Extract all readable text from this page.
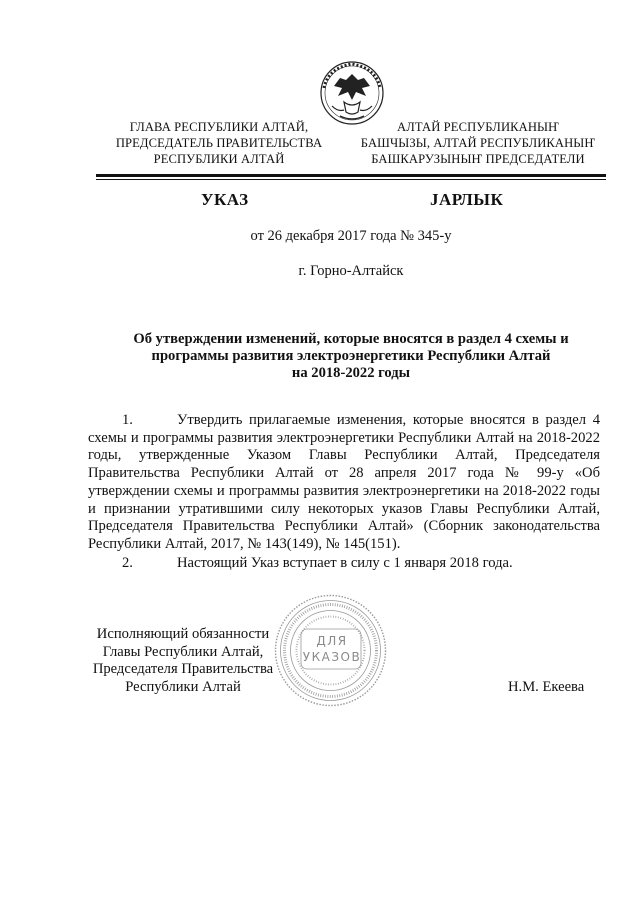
ГЛАВА РЕСПУБЛИКИ АЛТАЙ,
ПРЕДСЕДАТЕЛЬ ПРАВИТЕЛЬСТВА
РЕСПУБЛИКИ АЛТАЙ
АЛТАЙ РЕСПУБЛИКАНЫҤ
БАШЧЫЗЫ, АЛТАЙ РЕСПУБЛИКАНЫҤ
БАШКАРУЗЫНЫҤ ПРЕДСЕДАТЕЛИ
УКАЗ	JАРЛЫК
от 26 декабря 2017 года № 345-у
г. Горно-Алтайск
Об утверждении изменений, которые вносятся в раздел 4 схемы и
программы развития электроэнергетики Республики Алтай
на 2018-2022 годы

1.	Утвердить прилагаемые изменения, которые вносятся в раздел 4 схемы и программы развития электроэнергетики Республики Алтай на 2018-2022 годы, утвержденные Указом Главы Республики Алтай, Председателя Правительства Республики Алтай от 28 апреля 2017 года № 99-у «Об утверждении схемы и программы развития электроэнергетики на 2018-2022 годы и признании утратившими силу некоторых указов Главы Республики Алтай, Председателя Правительства Республики Алтай» (Сборник законодательства Республики Алтай, 2017, № 143(149), № 145(151).

2.	Настоящий Указ вступает в силу с 1 января 2018 года.

ДЛЯ
УКАЗОВ
Исполняющий обязанности
Главы Республики Алтай,
Председателя Правительства
Республики Алтай	Н.М. Екеева
